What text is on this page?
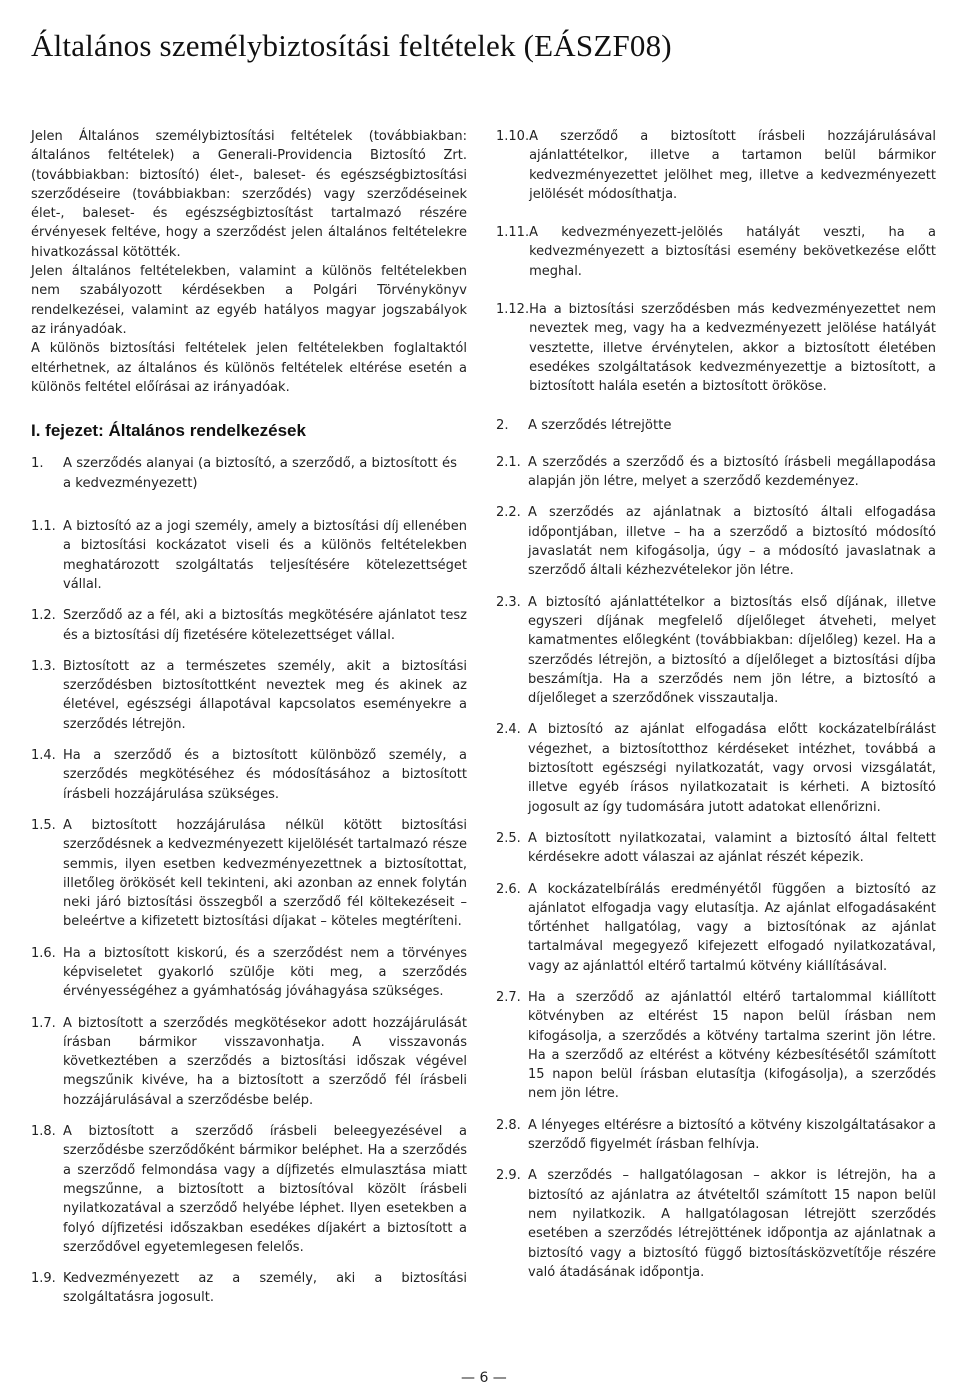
Általános személybiztosítási feltételek (EÁSZF08)

Jelen Általános személybiztosítási feltételek (továbbiakban: általános feltételek) a Generali-Providencia Biztosító Zrt. (továbbiakban: biztosító) élet-, baleset- és egészségbiztosítási szerződéseire (továbbiakban: szerződés) vagy szerződéseinek élet-, baleset- és egészségbiztosítást tartalmazó részére érvényesek feltéve, hogy a szerződést jelen általános feltételekre hivatkozással kötötték.

Jelen általános feltételekben, valamint a különös feltételekben nem szabályozott kérdésekben a Polgári Törvénykönyv rendelkezései, valamint az egyéb hatályos magyar jogszabályok az irányadóak.

A különös biztosítási feltételek jelen feltételekben foglaltaktól eltérhetnek, az általános és különös feltételek eltérése esetén a különös feltétel előírásai az irányadóak.

I. fejezet: Általános rendelkezések
1.	A szerződés alanyai (a biztosító, a szerződő, a biztosított és a kedvezményezett)
1.1. A biztosító az a jogi személy, amely a biztosítási díj ellenében a biztosítási kockázatot viseli és a különös feltételekben meghatározott szolgáltatás teljesítésére kötelezettséget vállal.
1.2. Szerződő az a fél, aki a biztosítás megkötésére ajánlatot tesz és a biztosítási díj fizetésére kötelezettséget vállal.
1.3. Biztosított az a természetes személy, akit a biztosítási szerződésben biztosítottként neveztek meg és akinek az életével, egészségi állapotával kapcsolatos eseményekre a szerződés létrejön.
1.4. Ha a szerződő és a biztosított különböző személy, a szerződés megkötéséhez és módosításához a biztosított írásbeli hozzájárulása szükséges.
1.5. A biztosított hozzájárulása nélkül kötött biztosítási szerződésnek a kedvezményezett kijelölését tartalmazó része semmis, ilyen esetben kedvezményezettnek a biztosítottat, illetőleg örökösét kell tekinteni, aki azonban az ennek folytán neki járó biztosítási összegből a szerződő fél költekezéseit – beleértve a kifizetett biztosítási díjakat – köteles megtéríteni.
1.6. Ha a biztosított kiskorú, és a szerződést nem a törvényes képviseletet gyakorló szülője köti meg, a szerződés érvényességéhez a gyámhatóság jóváhagyása szükséges.
1.7. A biztosított a szerződés megkötésekor adott hozzájárulását írásban bármikor visszavonhatja. A visszavonás következtében a szerződés a biztosítási időszak végével megszűnik kivéve, ha a biztosított a szerződő fél írásbeli hozzájárulásával a szerződésbe belép.
1.8. A biztosított a szerződő írásbeli beleegyezésével a szerződésbe szerződőként bármikor beléphet. Ha a szerződés a szerződő felmondása vagy a díjfizetés elmulasztása miatt megszűnne, a biztosított a biztosítóval közölt írásbeli nyilatkozatával a szerződő helyébe léphet. Ilyen esetekben a folyó díjfizetési időszakban esedékes díjakért a biztosított a szerződővel egyetemlegesen felelős.
1.9. Kedvezményezett az a személy, aki a biztosítási szolgáltatásra jogosult.
1.10. A szerződő a biztosított írásbeli hozzájárulásával ajánlattételkor, illetve a tartamon belül bármikor kedvezményezettet jelölhet meg, illetve a kedvezményezett jelölését módosíthatja.
1.11. A kedvezményezett-jelölés hatályát veszti, ha a kedvezményezett a biztosítási esemény bekövetkezése előtt meghal.
1.12. Ha a biztosítási szerződésben más kedvezményezettet nem neveztek meg, vagy ha a kedvezményezett jelölése hatályát vesztette, illetve érvénytelen, akkor a biztosított életében esedékes szolgáltatások kedvezményezettje a biztosított, a biztosított halála esetén a biztosított örököse.
2.	A szerződés létrejötte
2.1. A szerződés a szerződő és a biztosító írásbeli megállapodása alapján jön létre, melyet a szerződő kezdeményez.
2.2. A szerződés az ajánlatnak a biztosító általi elfogadása időpontjában, illetve – ha a szerződő a biztosító módosító javaslatát nem kifogásolja, úgy – a módosító javaslatnak a szerződő általi kézhezvételekor jön létre.
2.3. A biztosító ajánlattételkor a biztosítás első díjának, illetve egyszeri díjának megfelelő díjelőleget átveheti, melyet kamatmentes előlegként (továbbiakban: díjelőleg) kezel. Ha a szerződés létrejön, a biztosító a díjelőleget a biztosítási díjba beszámítja. Ha a szerződés nem jön létre, a biztosító a díjelőleget a szerződőnek visszautalja.
2.4. A biztosító az ajánlat elfogadása előtt kockázatelbírálást végezhet, a biztosítotthoz kérdéseket intézhet, továbbá a biztosított egészségi nyilatkozatát, vagy orvosi vizsgálatát, illetve egyéb írásos nyilatkozatait is kérheti. A biztosító jogosult az így tudomására jutott adatokat ellenőrizni.
2.5. A biztosított nyilatkozatai, valamint a biztosító által feltett kérdésekre adott válaszai az ajánlat részét képezik.
2.6. A kockázatelbírálás eredményétől függően a biztosító az ajánlatot elfogadja vagy elutasítja. Az ajánlat elfogadásaként tőrténhet hallgatólag, vagy a biztosítónak az ajánlat tartalmával megegyező kifejezett elfogadó nyilatkozatával, vagy az ajánlattól eltérő tartalmú kötvény kiállításával.
2.7. Ha a szerződő az ajánlattól eltérő tartalommal kiállított kötvényben az eltérést 15 napon belül írásban nem kifogásolja, a szerződés a kötvény tartalma szerint jön létre. Ha a szerződő az eltérést a kötvény kézbesítésétől számított 15 napon belül írásban elutasítja (kifogásolja), a szerződés nem jön létre.
2.8. A lényeges eltérésre a biztosító a kötvény kiszolgáltatásakor a szerződő figyelmét írásban felhívja.
2.9. A szerződés – hallgatólagosan – akkor is létrejön, ha a biztosító az ajánlatra az átvételtől számított 15 napon belül nem nyilatkozik. A hallgatólagosan létrejött szerződés esetében a szerződés létrejöttének időpontja az ajánlatnak a biztosító vagy a biztosító függő biztosításközvetítője részére való átadásának időpontja.
— 6 —
